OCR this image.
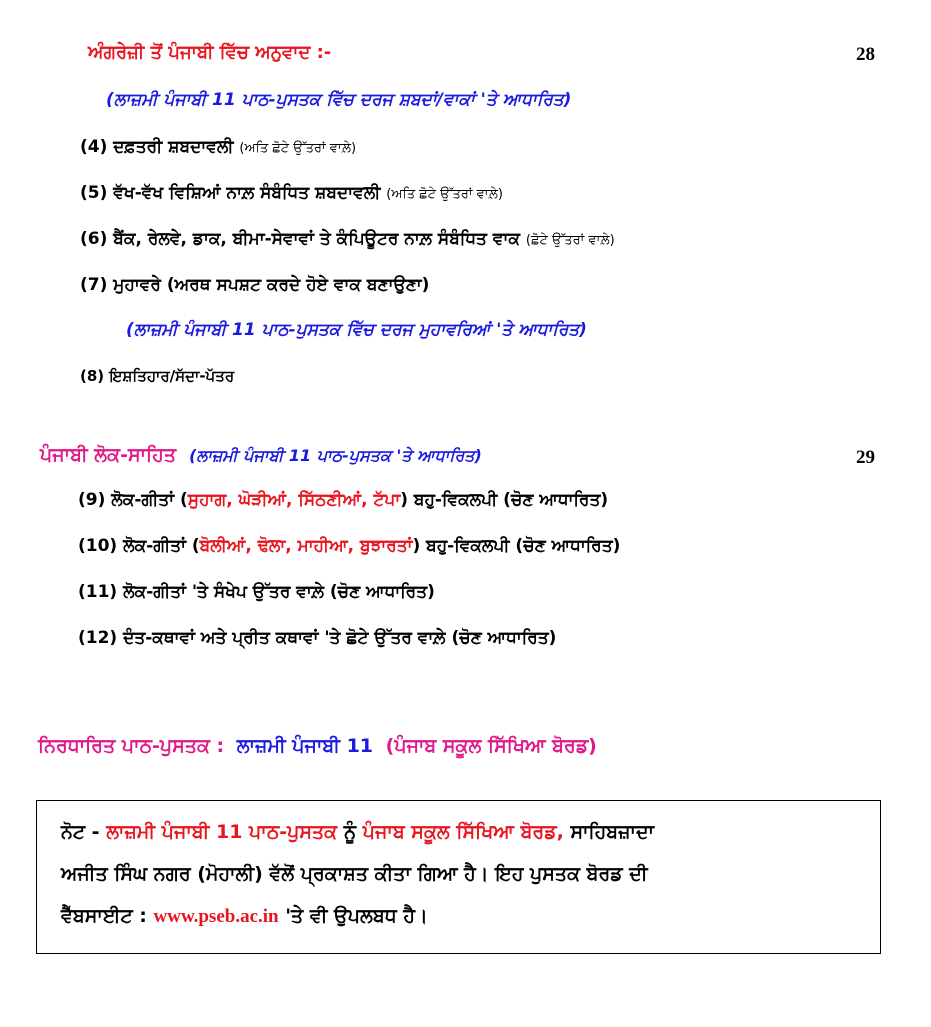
ਅੰਗਰੇਜ਼ੀ ਤੋਂ ਪੰਜਾਬੀ ਵਿੱਚ ਅਨੁਵਾਦ :-	28
(ਲਾਜ਼ਮੀ ਪੰਜਾਬੀ 11 ਪਾਠ-ਪੁਸਤਕ ਵਿੱਚ ਦਰਜ ਸ਼ਬਦਾਂ/ਵਾਕਾਂ 'ਤੇ ਆਧਾਰਿਤ)
(4) ਦਫ਼ਤਰੀ ਸ਼ਬਦਾਵਲੀ (ਅਤਿ ਛੋਟੇ ਉੱਤਰਾਂ ਵਾਲ਼ੇ)
(5) ਵੱਖ-ਵੱਖ ਵਿਸ਼ਿਆਂ ਨਾਲ਼ ਸੰਬੰਧਿਤ ਸ਼ਬਦਾਵਲੀ (ਅਤਿ ਛੋਟੇ ਉੱਤਰਾਂ ਵਾਲ਼ੇ)
(6) ਬੈਂਕ, ਰੇਲਵੇ, ਡਾਕ, ਬੀਮਾ-ਸੇਵਾਵਾਂ ਤੇ ਕੰਪਿਊਟਰ ਨਾਲ਼ ਸੰਬੰਧਿਤ ਵਾਕ (ਛੋਟੇ ਉੱਤਰਾਂ ਵਾਲ਼ੇ)
(7) ਮੁਹਾਵਰੇ (ਅਰਥ ਸਪਸ਼ਟ ਕਰਦੇ ਹੋਏ ਵਾਕ ਬਣਾਉਣਾ)
(ਲਾਜ਼ਮੀ ਪੰਜਾਬੀ 11 ਪਾਠ-ਪੁਸਤਕ ਵਿੱਚ ਦਰਜ ਮੁਹਾਵਰਿਆਂ 'ਤੇ ਆਧਾਰਿਤ)
(8) ਇਸ਼ਤਿਹਾਰ/ਸੱਦਾ-ਪੱਤਰ
ਪੰਜਾਬੀ ਲੋਕ-ਸਾਹਿਤ (ਲਾਜ਼ਮੀ ਪੰਜਾਬੀ 11 ਪਾਠ-ਪੁਸਤਕ 'ਤੇ ਆਧਾਰਿਤ)	29
(9) ਲੋਕ-ਗੀਤਾਂ (ਸੁਹਾਗ, ਘੋੜੀਆਂ, ਸਿੱਠਣੀਆਂ, ਟੱਪਾ) ਬਹੁ-ਵਿਕਲਪੀ (ਚੋਣ ਆਧਾਰਿਤ)
(10) ਲੋਕ-ਗੀਤਾਂ (ਬੋਲੀਆਂ, ਢੋਲਾ, ਮਾਹੀਆ, ਬੁਝਾਰਤਾਂ) ਬਹੁ-ਵਿਕਲਪੀ (ਚੋਣ ਆਧਾਰਿਤ)
(11) ਲੋਕ-ਗੀਤਾਂ 'ਤੇ ਸੰਖੇਪ ਉੱਤਰ ਵਾਲ਼ੇ (ਚੋਣ ਆਧਾਰਿਤ)
(12) ਦੰਤ-ਕਥਾਵਾਂ ਅਤੇ ਪ੍ਰੀਤ ਕਥਾਵਾਂ 'ਤੇ ਛੋਟੇ ਉੱਤਰ ਵਾਲ਼ੇ (ਚੋਣ ਆਧਾਰਿਤ)
ਨਿਰਧਾਰਿਤ ਪਾਠ-ਪੁਸਤਕ : ਲਾਜ਼ਮੀ ਪੰਜਾਬੀ 11 (ਪੰਜਾਬ ਸਕੂਲ ਸਿੱਖਿਆ ਬੋਰਡ)
ਨੋਟ - ਲਾਜ਼ਮੀ ਪੰਜਾਬੀ 11 ਪਾਠ-ਪੁਸਤਕ ਨੂੰ ਪੰਜਾਬ ਸਕੂਲ ਸਿੱਖਿਆ ਬੋਰਡ, ਸਾਹਿਬਜ਼ਾਦਾ
ਅਜੀਤ ਸਿੰਘ ਨਗਰ (ਮੋਹਾਲੀ) ਵੱਲੋਂ ਪ੍ਰਕਾਸ਼ਤ ਕੀਤਾ ਗਿਆ ਹੈ। ਇਹ ਪੁਸਤਕ ਬੋਰਡ ਦੀ
ਵੈੱਬਸਾਈਟ : www.pseb.ac.in 'ਤੇ ਵੀ ਉਪਲਬਧ ਹੈ।
